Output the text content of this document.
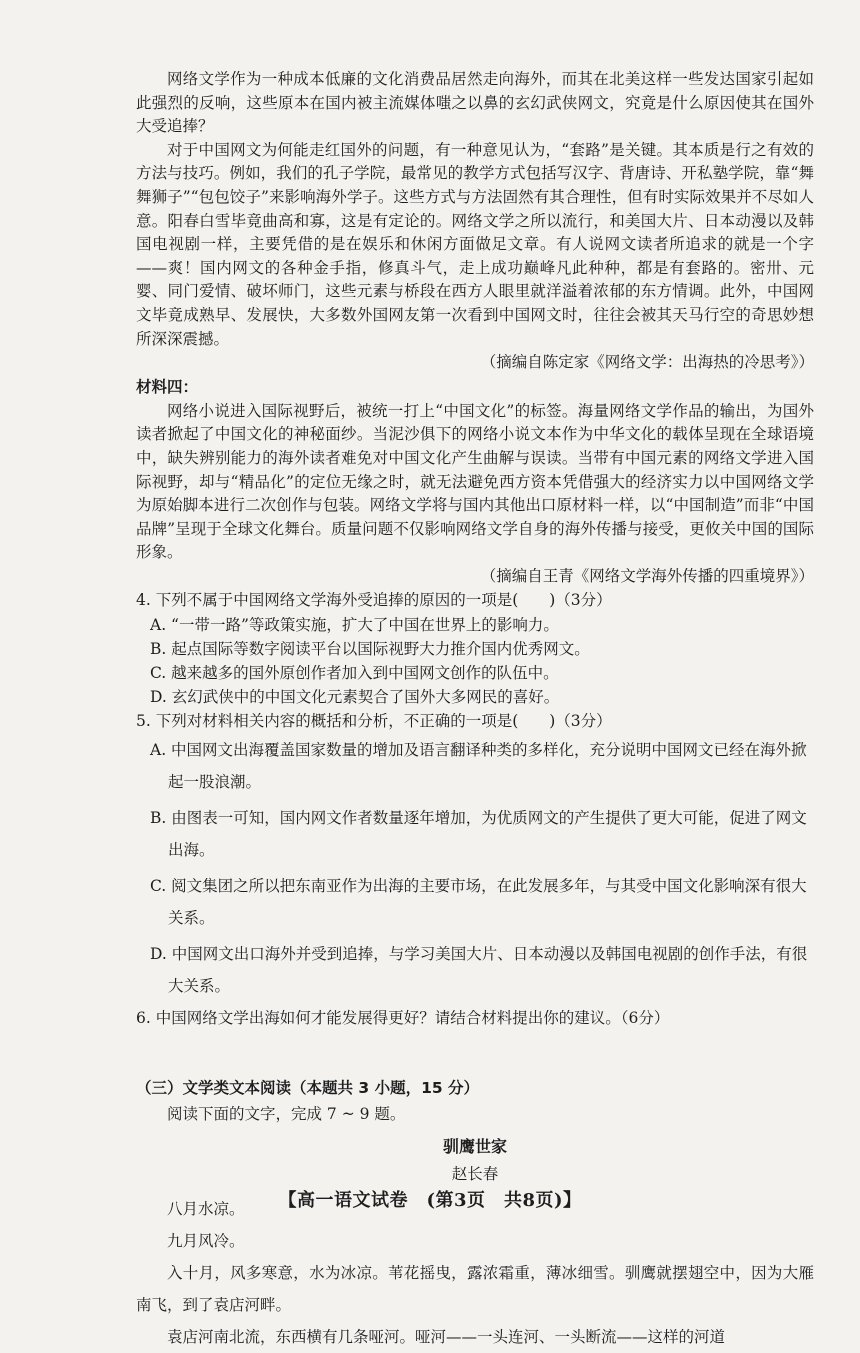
网络文学作为一种成本低廉的文化消费品居然走向海外，而其在北美这样一些发达国家引起如此强烈的反响，这些原本在国内被主流媒体嗤之以鼻的玄幻武侠网文，究竟是什么原因使其在国外大受追捧？

对于中国网文为何能走红国外的问题，有一种意见认为，“套路”是关键。其本质是行之有效的方法与技巧。例如，我们的孔子学院，最常见的教学方式包括写汉字、背唐诗、开私塾学院，靠“舞舞狮子”“包包饺子”来影响海外学子。这些方式与方法固然有其合理性，但有时实际效果并不尽如人意。阳春白雪毕竟曲高和寡，这是有定论的。网络文学之所以流行，和美国大片、日本动漫以及韩国电视剧一样，主要凭借的是在娱乐和休闲方面做足文章。有人说网文读者所追求的就是一个字——爽！国内网文的各种金手指，修真斗气，走上成功巅峰凡此种种，都是有套路的。密卅、元婴、同门爱情、破坏师门，这些元素与桥段在西方人眼里就洋溢着浓郁的东方情调。此外，中国网文毕竟成熟早、发展快，大多数外国网友第一次看到中国网文时，往往会被其天马行空的奇思妙想所深深震撼。

（摘编自陈定家《网络文学：出海热的冷思考》）

材料四：

网络小说进入国际视野后，被统一打上“中国文化”的标签。海量网络文学作品的输出，为国外读者掀起了中国文化的神秘面纱。当泥沙俱下的网络小说文本作为中华文化的载体呈现在全球语境中，缺失辨别能力的海外读者难免对中国文化产生曲解与误读。当带有中国元素的网络文学进入国际视野，却与“精品化”的定位无缘之时，就无法避免西方资本凭借强大的经济实力以中国网络文学为原始脚本进行二次创作与包装。网络文学将与国内其他出口原材料一样，以“中国制造”而非“中国品牌”呈现于全球文化舞台。质量问题不仅影响网络文学自身的海外传播与接受，更攸关中国的国际形象。

（摘编自王青《网络文学海外传播的四重境界》）

4. 下列不属于中国网络文学海外受追捧的原因的一项是(　　)（3分）

A. “一带一路”等政策实施，扩大了中国在世界上的影响力。

B. 起点国际等数字阅读平台以国际视野大力推介国内优秀网文。

C. 越来越多的国外原创作者加入到中国网文创作的队伍中。

D. 玄幻武侠中的中国文化元素契合了国外大多网民的喜好。

5. 下列对材料相关内容的概括和分析，不正确的一项是(　　)（3分）

A. 中国网文出海覆盖国家数量的增加及语言翻译种类的多样化，充分说明中国网文已经在海外掀起一股浪潮。

B. 由图表一可知，国内网文作者数量逐年增加，为优质网文的产生提供了更大可能，促进了网文出海。

C. 阅文集团之所以把东南亚作为出海的主要市场，在此发展多年，与其受中国文化影响深有很大关系。

D. 中国网文出口海外并受到追捧，与学习美国大片、日本动漫以及韩国电视剧的创作手法，有很大关系。

6. 中国网络文学出海如何才能发展得更好？请结合材料提出你的建议。（6分）

（三）文学类文本阅读（本题共 3 小题，15 分）

阅读下面的文字，完成 7 ~ 9 题。

驯鹰世家

赵长春

八月水凉。

九月风冷。

入十月，风多寒意，水为冰凉。苇花摇曳，露浓霜重，薄冰细雪。驯鹰就摆翅空中，因为大雁南飞，到了袁店河畔。

袁店河南北流，东西横有几条哑河。哑河——一头连河、一头断流——这样的河道

【高一语文试卷　(第3页　共8页)】
